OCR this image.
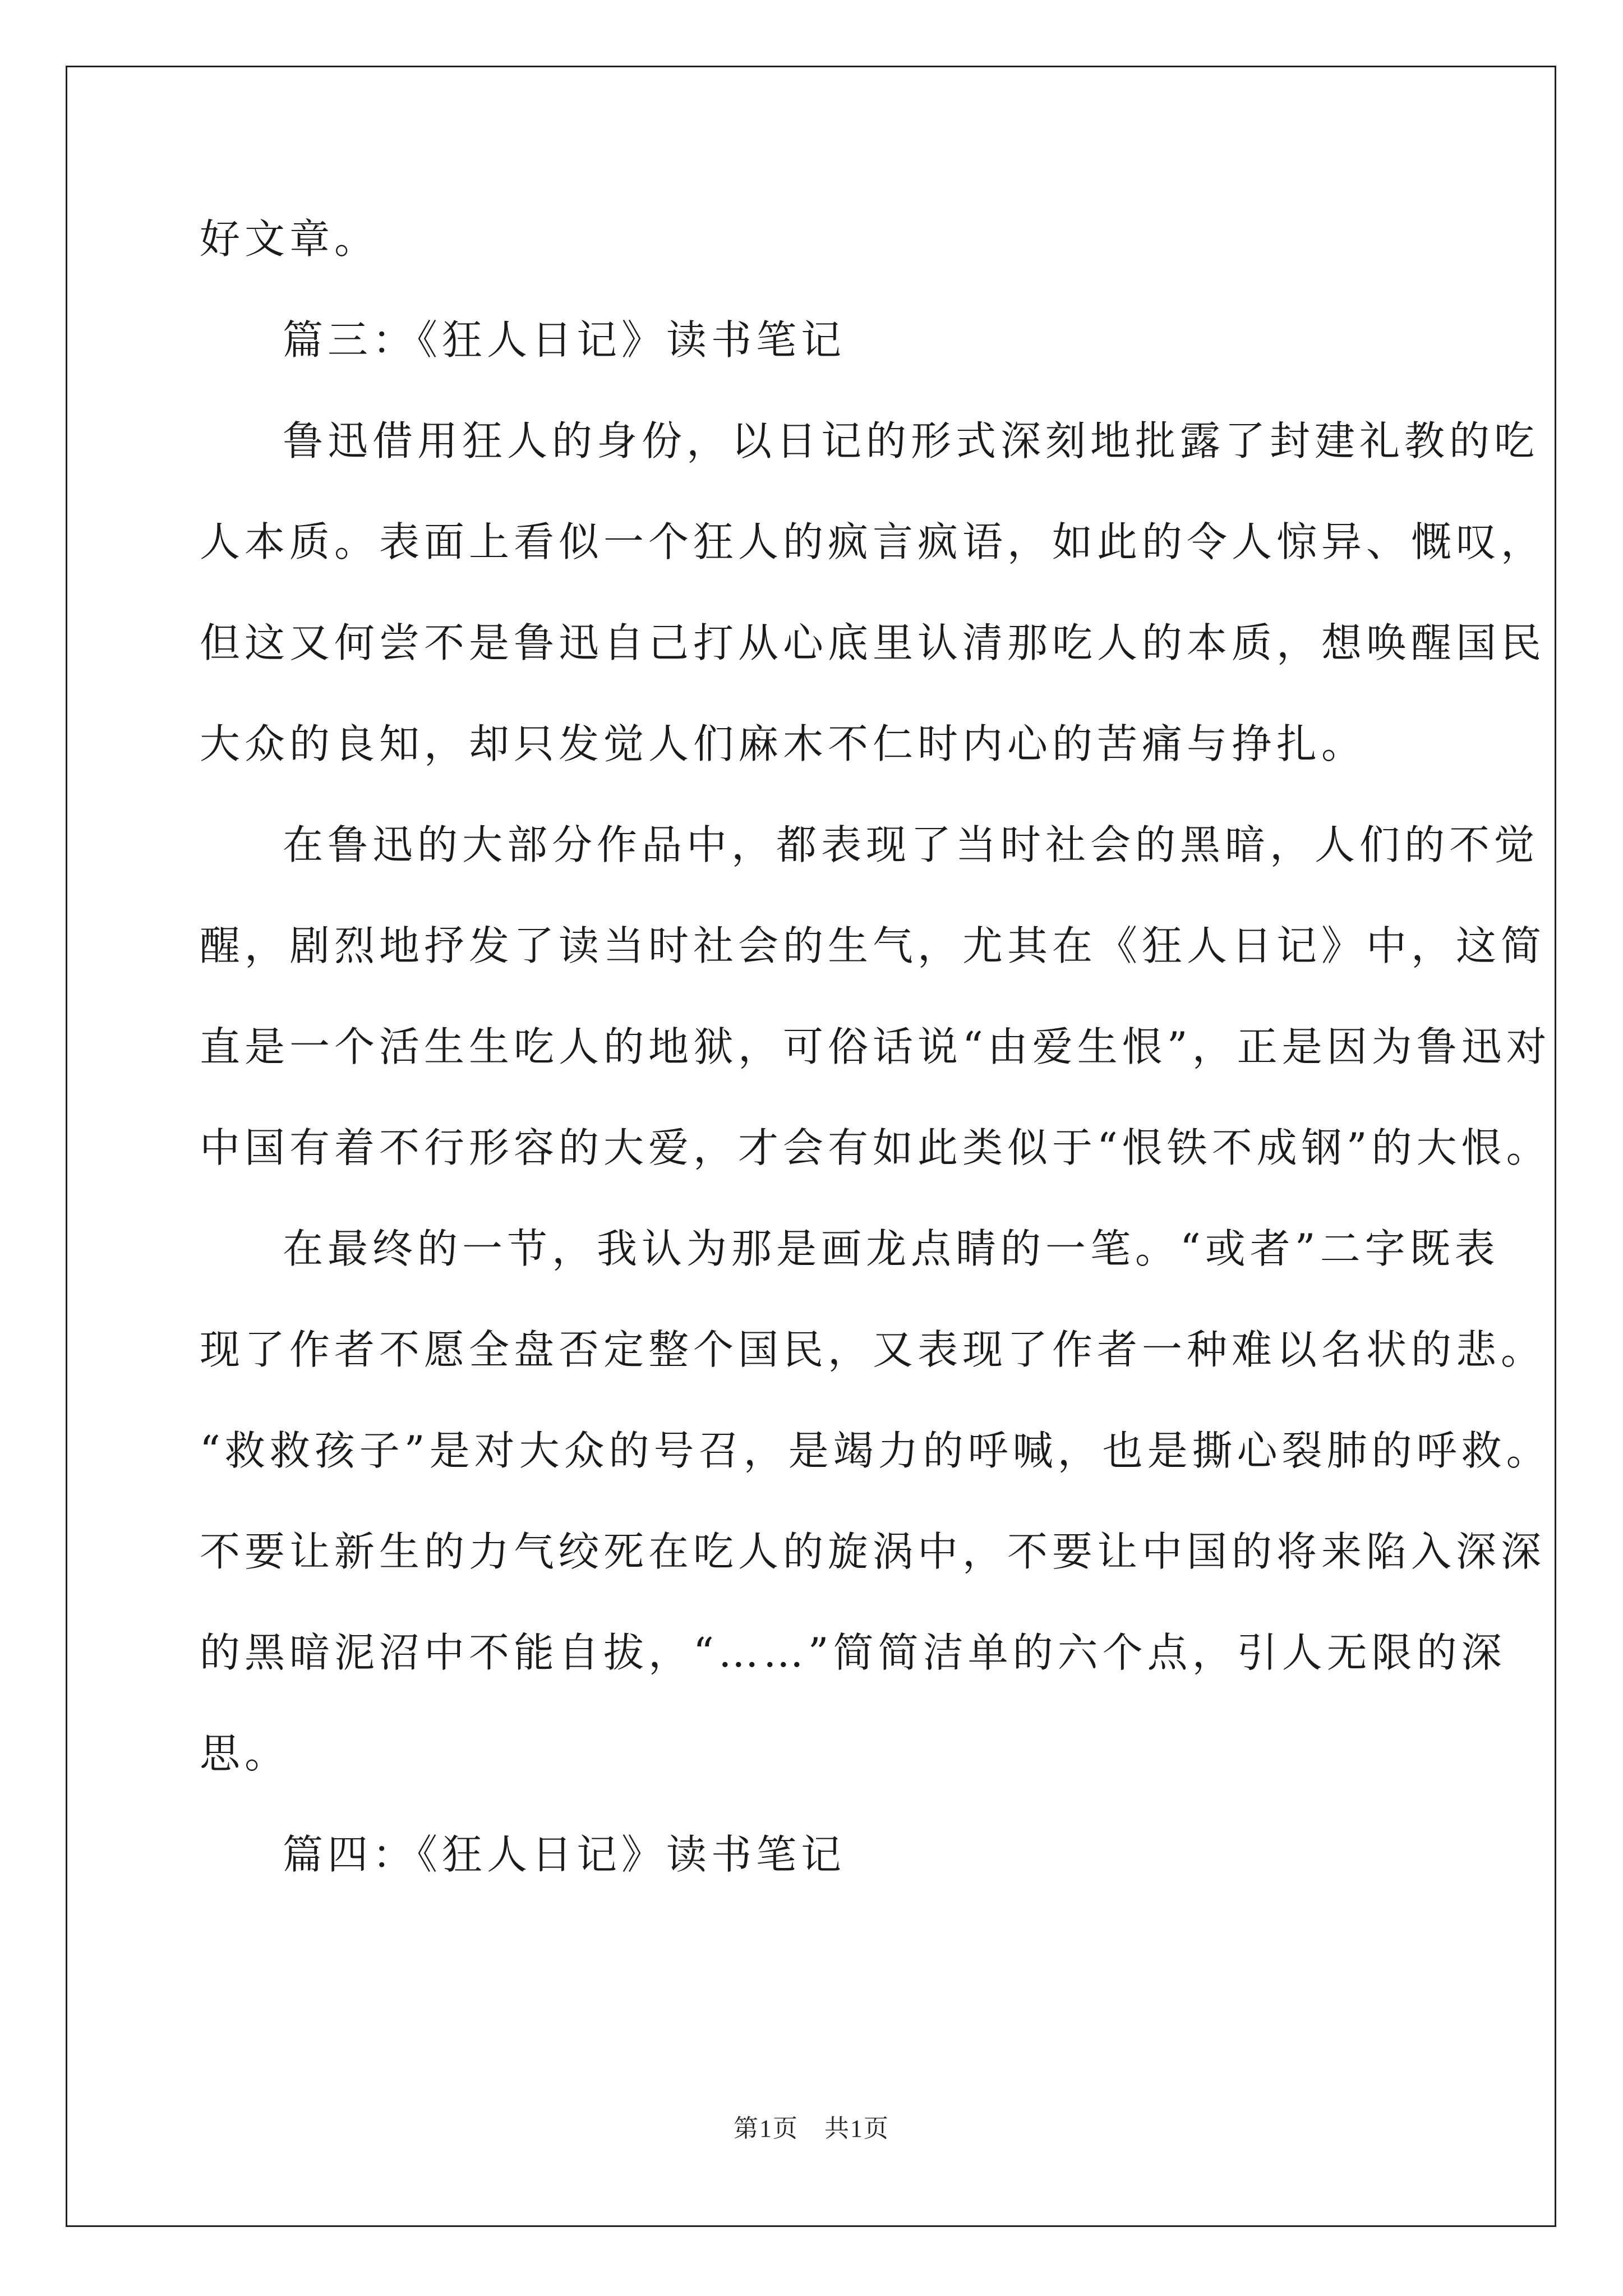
好文章。
篇三：《狂人日记》读书笔记
鲁迅借用狂人的身份，以日记的形式深刻地批露了封建礼教的吃
人本质。表面上看似一个狂人的疯言疯语，如此的令人惊异、慨叹，
但这又何尝不是鲁迅自己打从心底里认清那吃人的本质，想唤醒国民
大众的良知，却只发觉人们麻木不仁时内心的苦痛与挣扎。
在鲁迅的大部分作品中，都表现了当时社会的黑暗，人们的不觉
醒，剧烈地抒发了读当时社会的生气，尤其在《狂人日记》中，这简
直是一个活生生吃人的地狱，可俗话说“由爱生恨”，正是因为鲁迅对
中国有着不行形容的大爱，才会有如此类似于“恨铁不成钢”的大恨。
在最终的一节，我认为那是画龙点睛的一笔。“或者”二字既表
现了作者不愿全盘否定整个国民，又表现了作者一种难以名状的悲。
“救救孩子”是对大众的号召，是竭力的呼喊，也是撕心裂肺的呼救。
不要让新生的力气绞死在吃人的旋涡中，不要让中国的将来陷入深深
的黑暗泥沼中不能自拔，“……”简简洁单的六个点，引人无限的深
思。
篇四：《狂人日记》读书笔记
第1页　共1页
